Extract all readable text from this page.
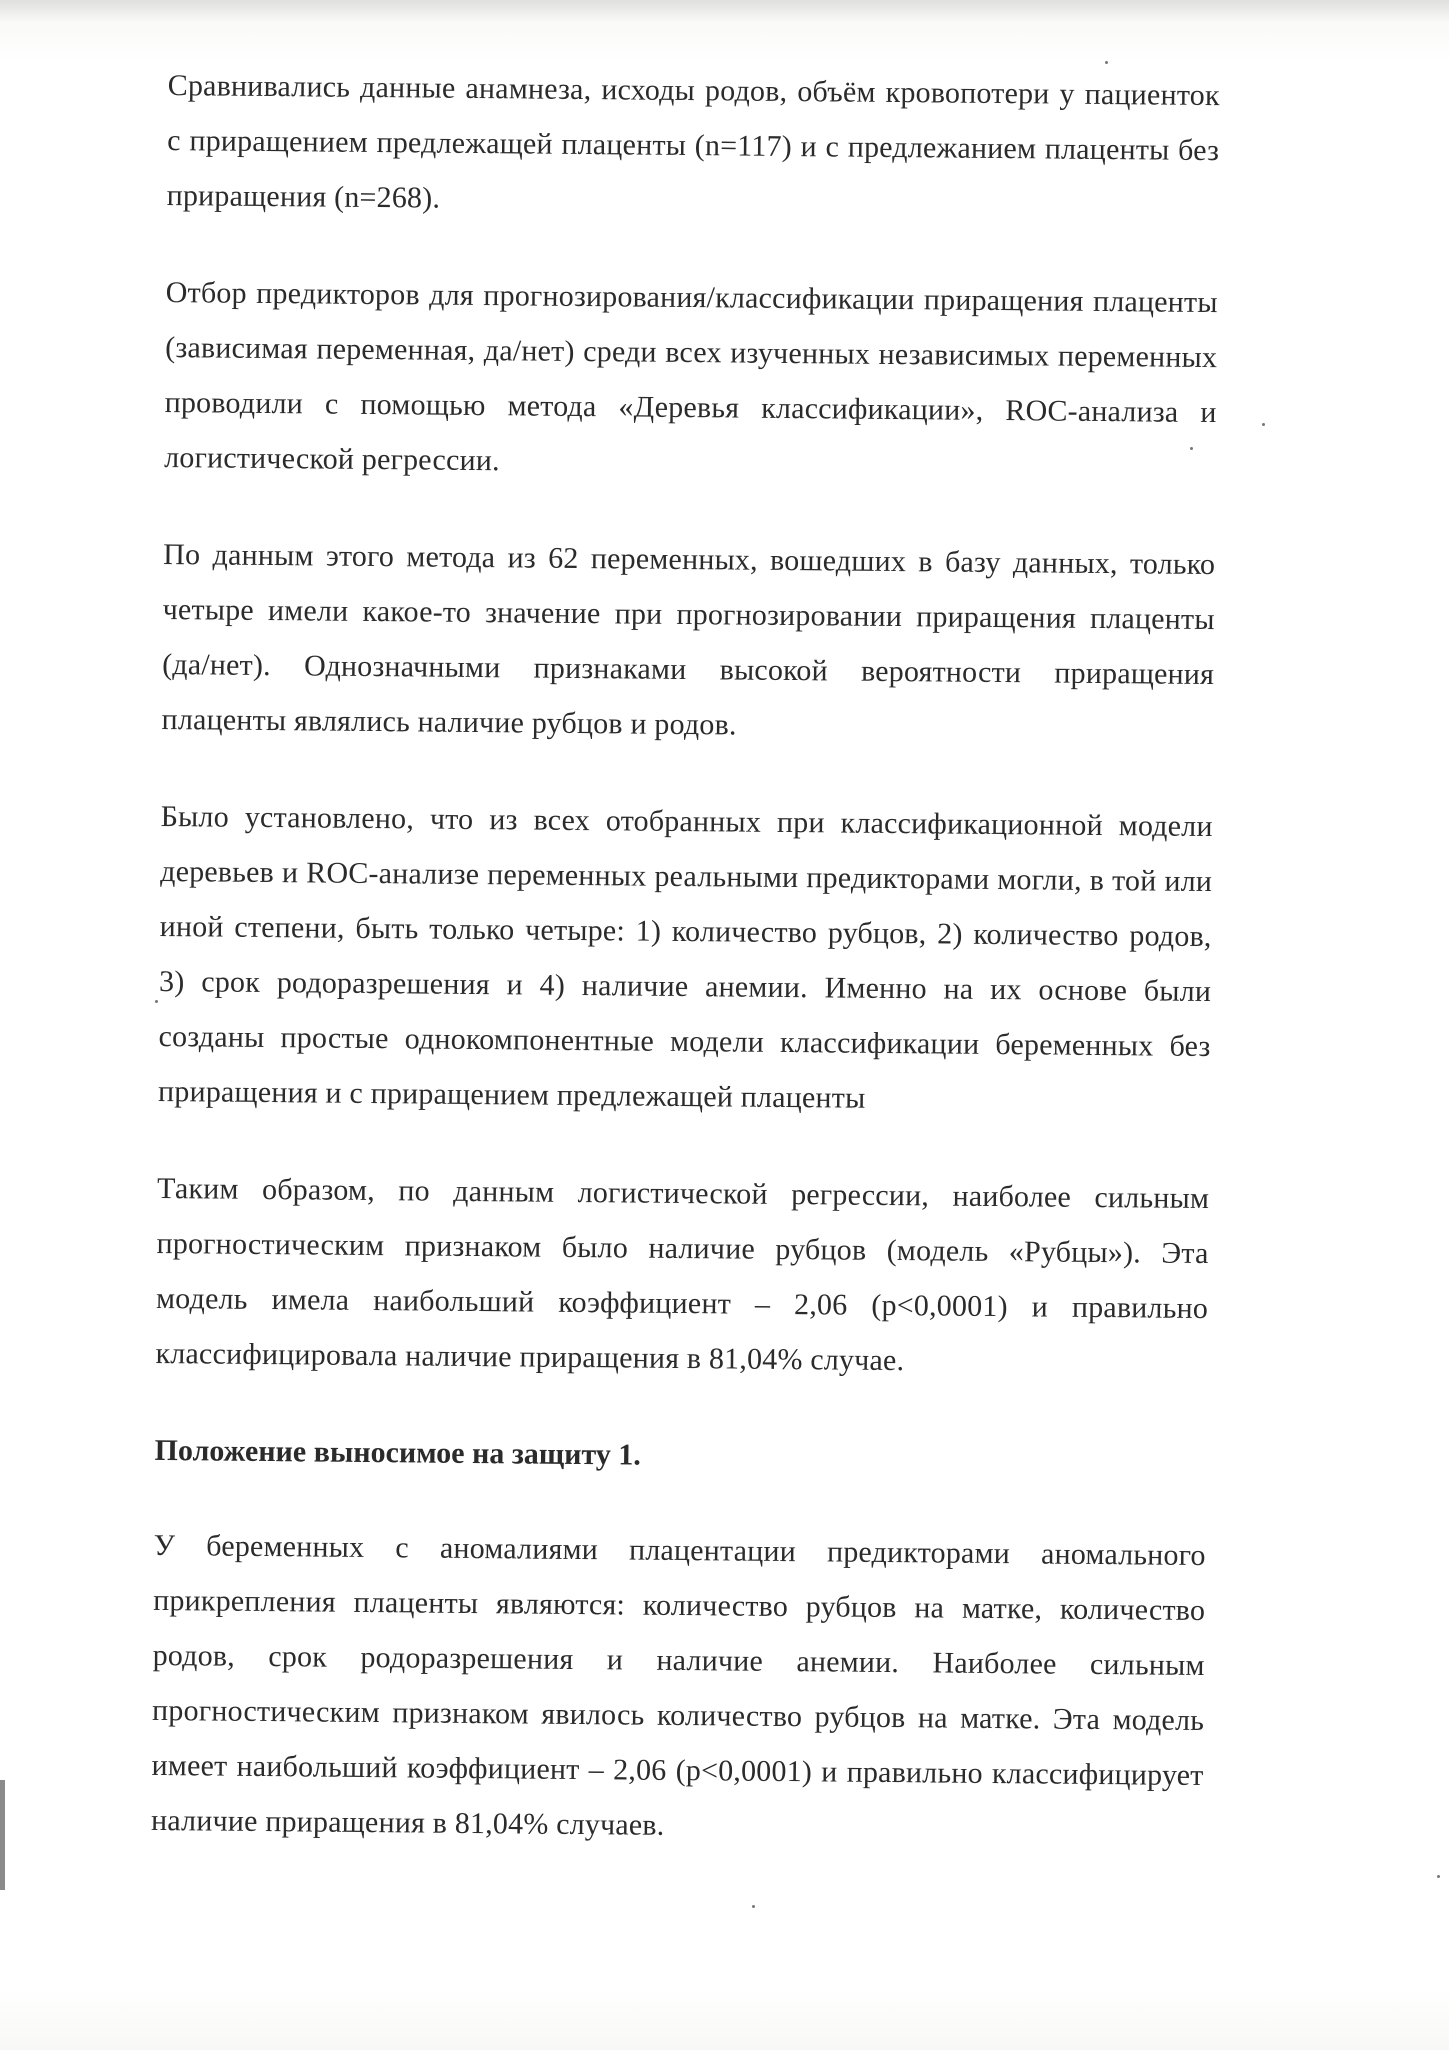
Сравнивались данные анамнеза, исходы родов, объём кровопотери у пациенток с приращением предлежащей плаценты (n=117) и с предлежанием плаценты без приращения (n=268).

Отбор предикторов для прогнозирования/классификации приращения плаценты (зависимая переменная, да/нет) среди всех изученных независимых переменных проводили с помощью метода «Деревья классификации», ROC-анализа и логистической регрессии.

По данным этого метода из 62 переменных, вошедших в базу данных, только четыре имели какое-то значение при прогнозировании приращения плаценты (да/нет). Однозначными признаками высокой вероятности приращения плаценты являлись наличие рубцов и родов.

Было установлено, что из всех отобранных при классификационной модели деревьев и ROC-анализе переменных реальными предикторами могли, в той или иной степени, быть только четыре: 1) количество рубцов, 2) количество родов, 3) срок родоразрешения и 4) наличие анемии. Именно на их основе были созданы простые однокомпонентные модели классификации беременных без приращения и с приращением предлежащей плаценты

Таким образом, по данным логистической регрессии, наиболее сильным прогностическим признаком было наличие рубцов (модель «Рубцы»). Эта модель имела наибольший коэффициент – 2,06 (p<0,0001) и правильно классифицировала наличие приращения в 81,04% случае.

Положение выносимое на защиту 1.

У беременных с аномалиями плацентации предикторами аномального прикрепления плаценты являются: количество рубцов на матке, количество родов, срок родоразрешения и наличие анемии. Наиболее сильным прогностическим признаком явилось количество рубцов на матке. Эта модель имеет наибольший коэффициент – 2,06 (p<0,0001) и правильно классифицирует наличие приращения в 81,04% случаев.
